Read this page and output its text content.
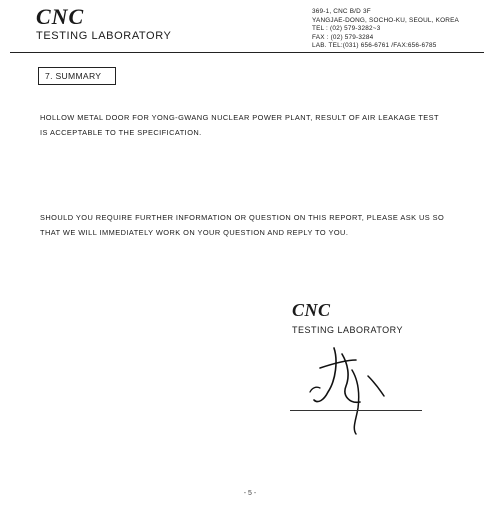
CNC
TESTING LABORATORY
369-1, CNC B/D 3F
YANGJAE-DONG, SOCHO-KU, SEOUL, KOREA
TEL : (02) 579-3282~3
FAX : (02) 579-3284
LAB. TEL:(031) 656-6761 /FAX:656-6785
7. SUMMARY
HOLLOW METAL DOOR FOR YONG-GWANG NUCLEAR POWER PLANT, RESULT OF AIR LEAKAGE TEST
IS ACCEPTABLE TO THE SPECIFICATION.
SHOULD YOU REQUIRE FURTHER INFORMATION OR QUESTION ON THIS REPORT, PLEASE ASK US SO
THAT WE WILL IMMEDIATELY WORK ON YOUR QUESTION AND REPLY TO YOU.
CNC
TESTING LABORATORY
- 5 -
